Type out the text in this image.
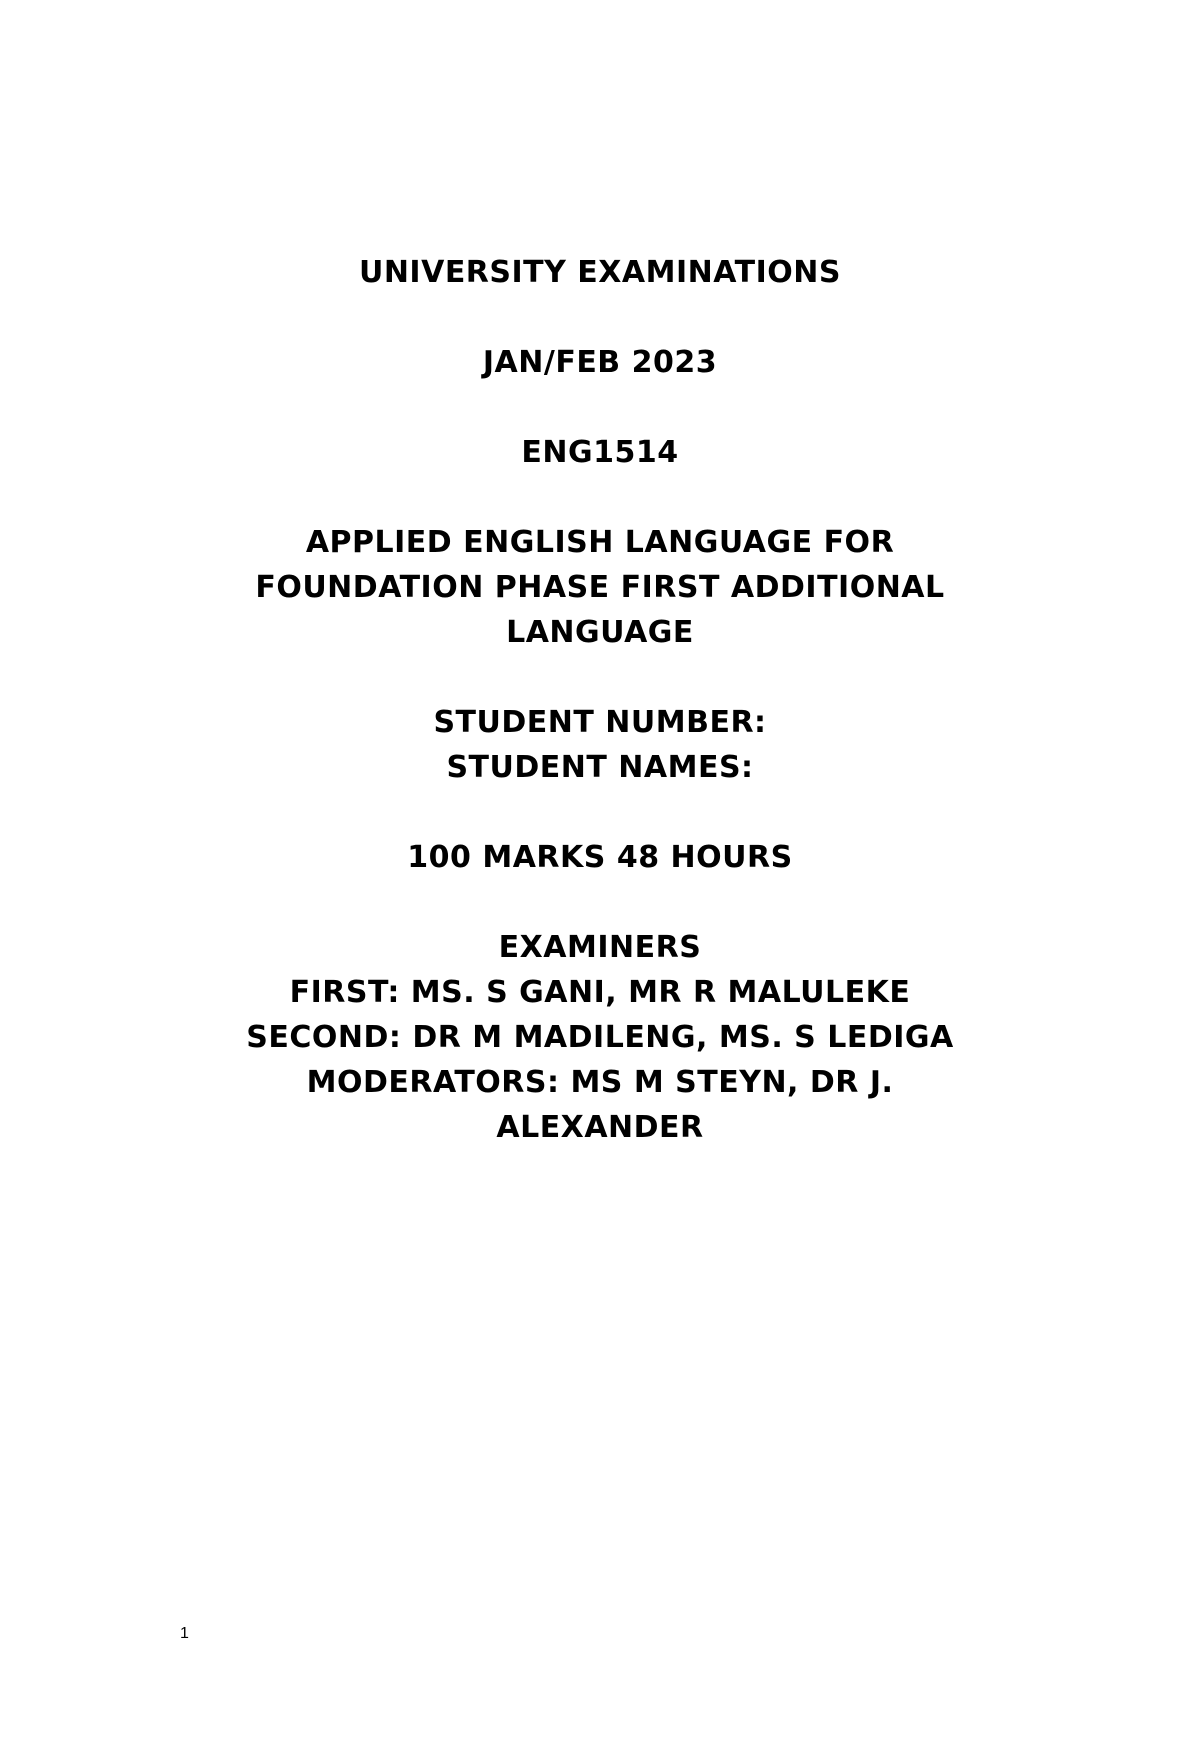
UNIVERSITY EXAMINATIONS
JAN/FEB 2023
ENG1514
APPLIED ENGLISH LANGUAGE FOR
FOUNDATION PHASE FIRST ADDITIONAL
LANGUAGE
STUDENT NUMBER:
STUDENT NAMES:
100 MARKS 48 HOURS
EXAMINERS
FIRST: MS. S GANI, MR R MALULEKE
SECOND: DR M MADILENG, MS. S LEDIGA
MODERATORS: MS M STEYN, DR J.
ALEXANDER
1
